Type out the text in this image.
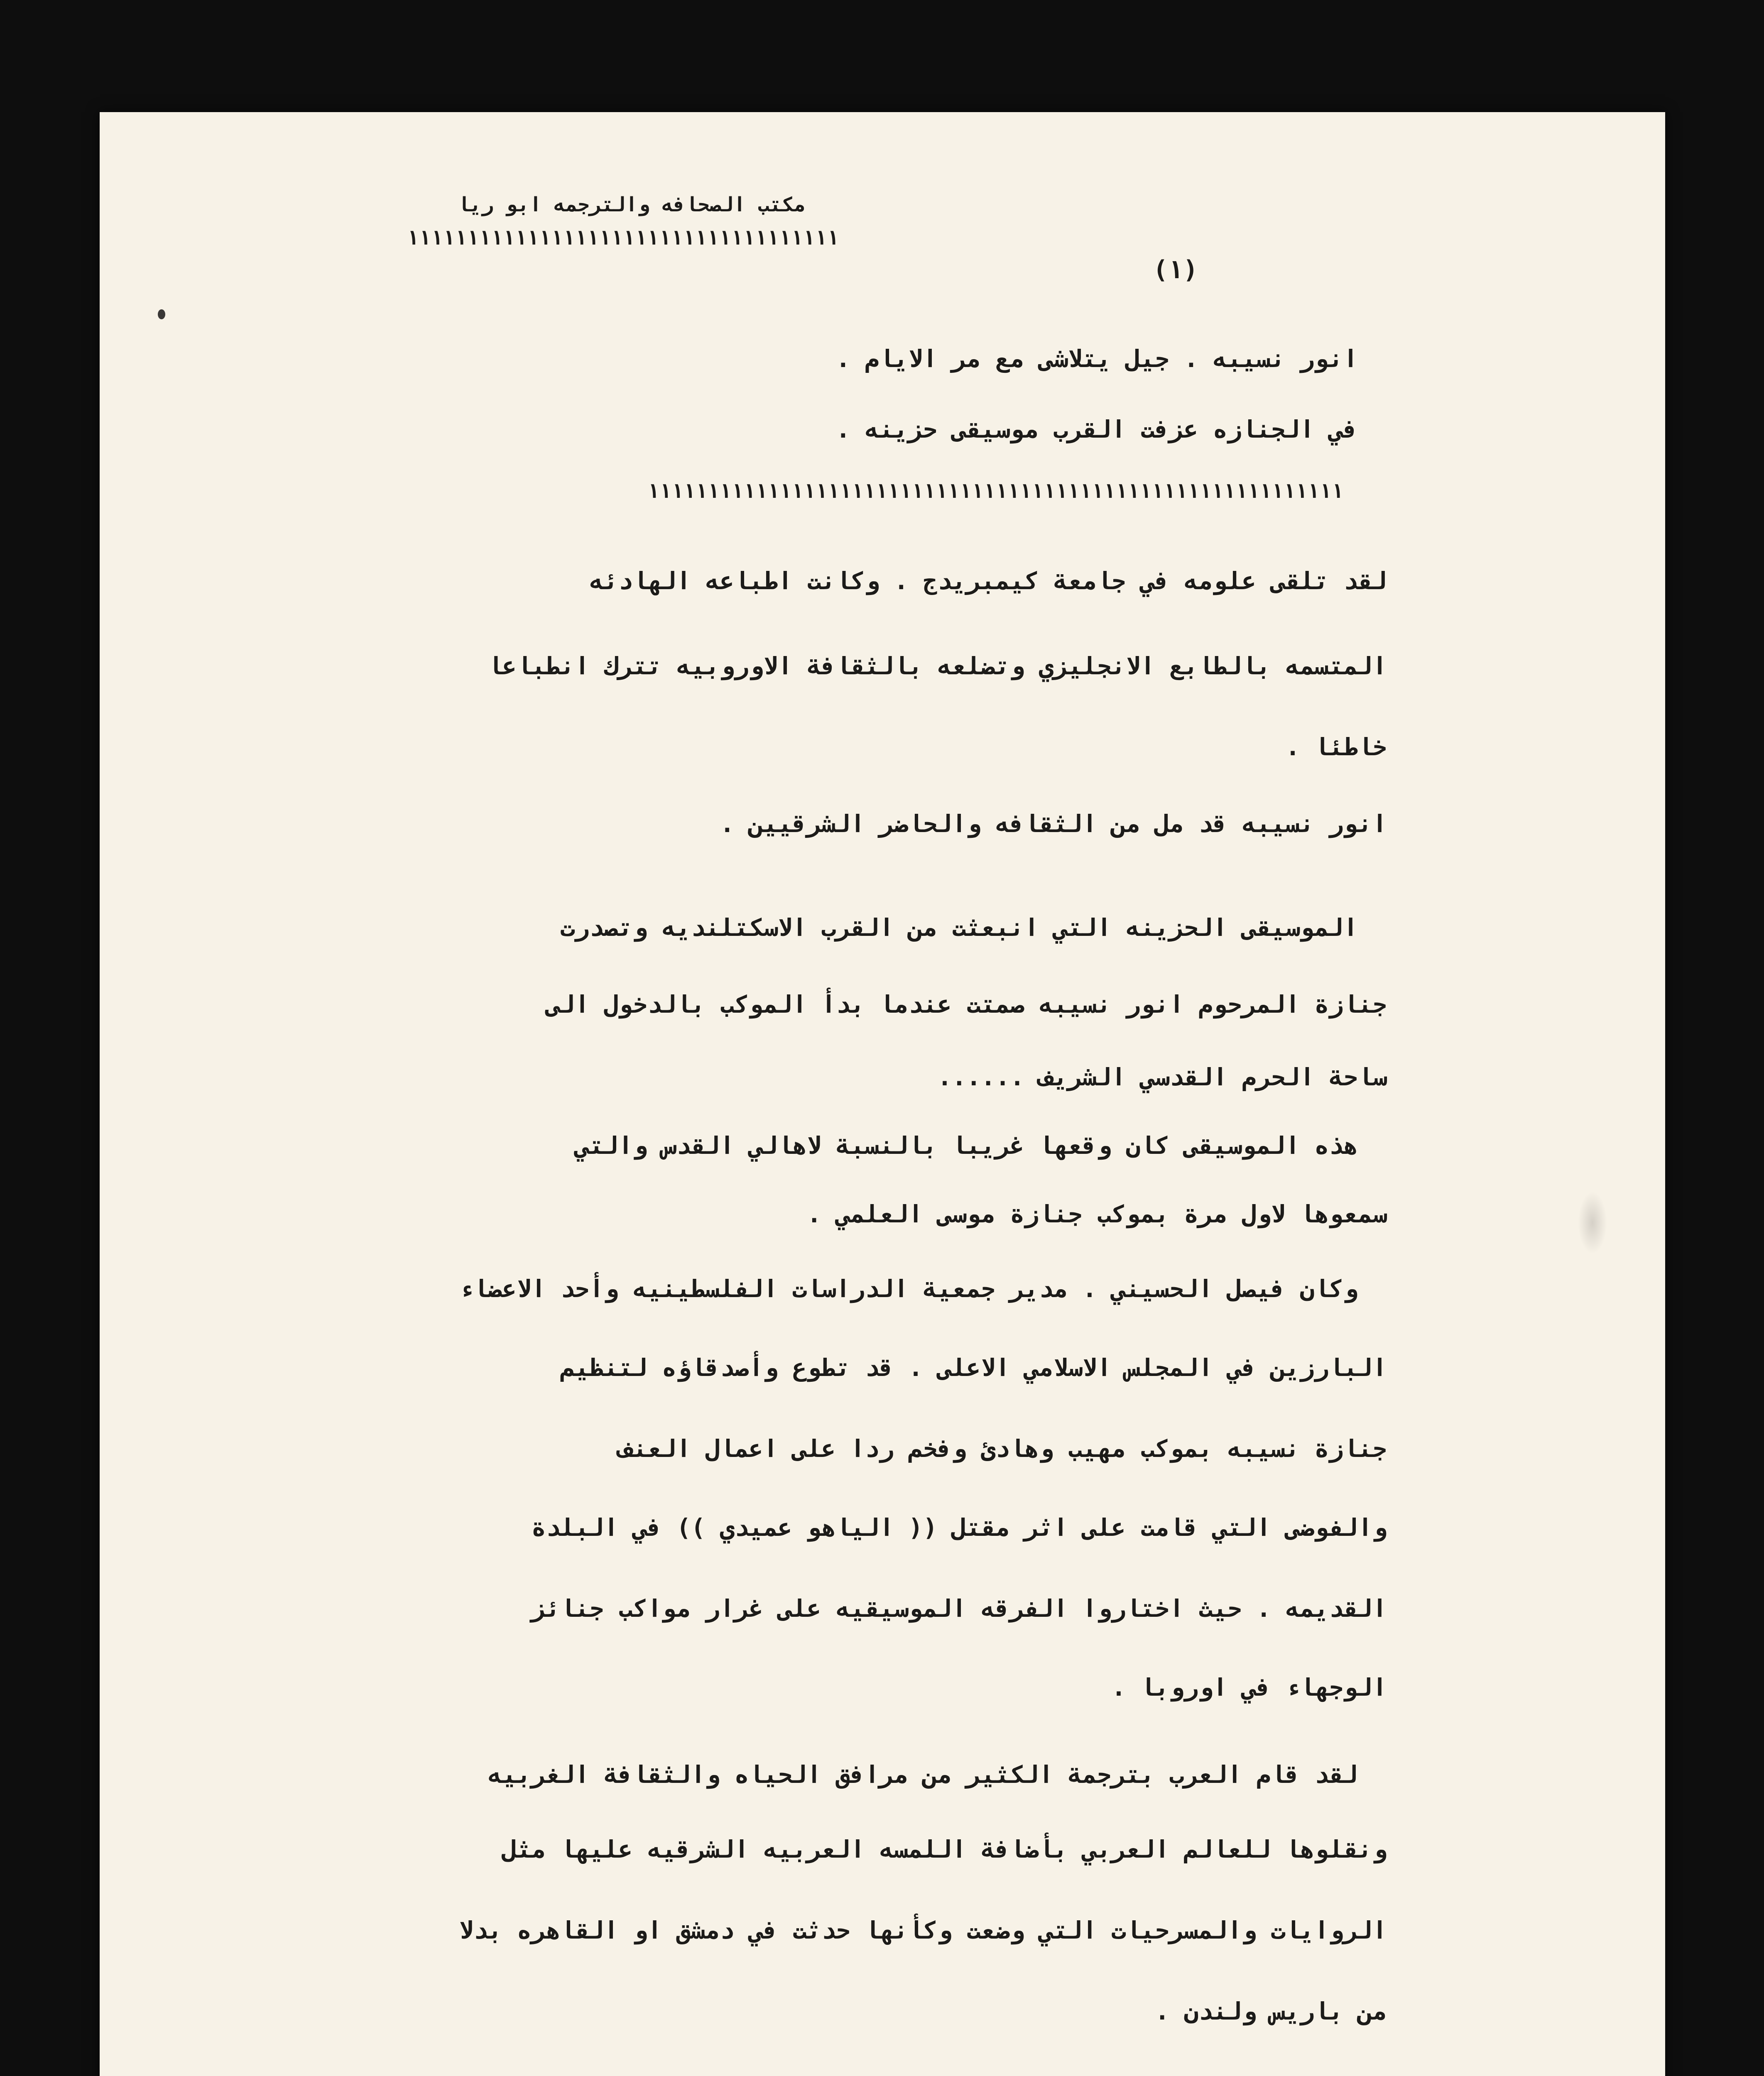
مكتب الصحافه والترجمه ابو ريا
١١١١١١١١١١١١١١١١١١١١١١١١١١١١١١١١١١١١
(١)
انور نسيبه . جيل يتلاشى مع مر الايام .
في الجنازه عزفت القرب موسيقى حزينه .
١١١١١١١١١١١١١١١١١١١١١١١١١١١١١١١١١١١١١١١١١١١١١١١١١١١١١١١١١١
لقد تلقى علومه في جامعة كيمبريدج . وكانت اطباعه الهادئه
المتسمه بالطابع الانجليزي وتضلعه بالثقافة الاوروبيه تترك انطباعا
خاطئا .
انور نسيبه قد مل من الثقافه والحاضر الشرقيين .
الموسيقى الحزينه التي انبعثت من القرب الاسكتلنديه وتصدرت
جنازة المرحوم انور نسيبه صمتت عندما بدأ الموكب بالدخول الى
ساحة الحرم القدسي الشريف ......
هذه الموسيقى كان وقعها غريبا بالنسبة لاهالي القدس والتي
سمعوها لاول مرة بموكب جنازة موسى العلمي .
وكان فيصل الحسيني . مدير جمعية الدراسات الفلسطينيه وأحد الاعضاء
البارزين في المجلس الاسلامي الاعلى . قد تطوع وأصدقاؤه لتنظيم
جنازة نسيبه بموكب مهيب وهادئ وفخم ردا على اعمال العنف
والفوضى التي قامت على اثر مقتل (( الياهو عميدي )) في البلدة
القديمه . حيث اختاروا الفرقه الموسيقيه على غرار مواكب جنائز
الوجهاء في اوروبا .
لقد قام العرب بترجمة الكثير من مرافق الحياه والثقافة الغربيه
ونقلوها للعالم العربي بأضافة اللمسه العربيه الشرقيه عليها مثل
الروايات والمسرحيات التي وضعت وكأنها حدثت في دمشق او القاهره بدلا
من باريس ولندن .
